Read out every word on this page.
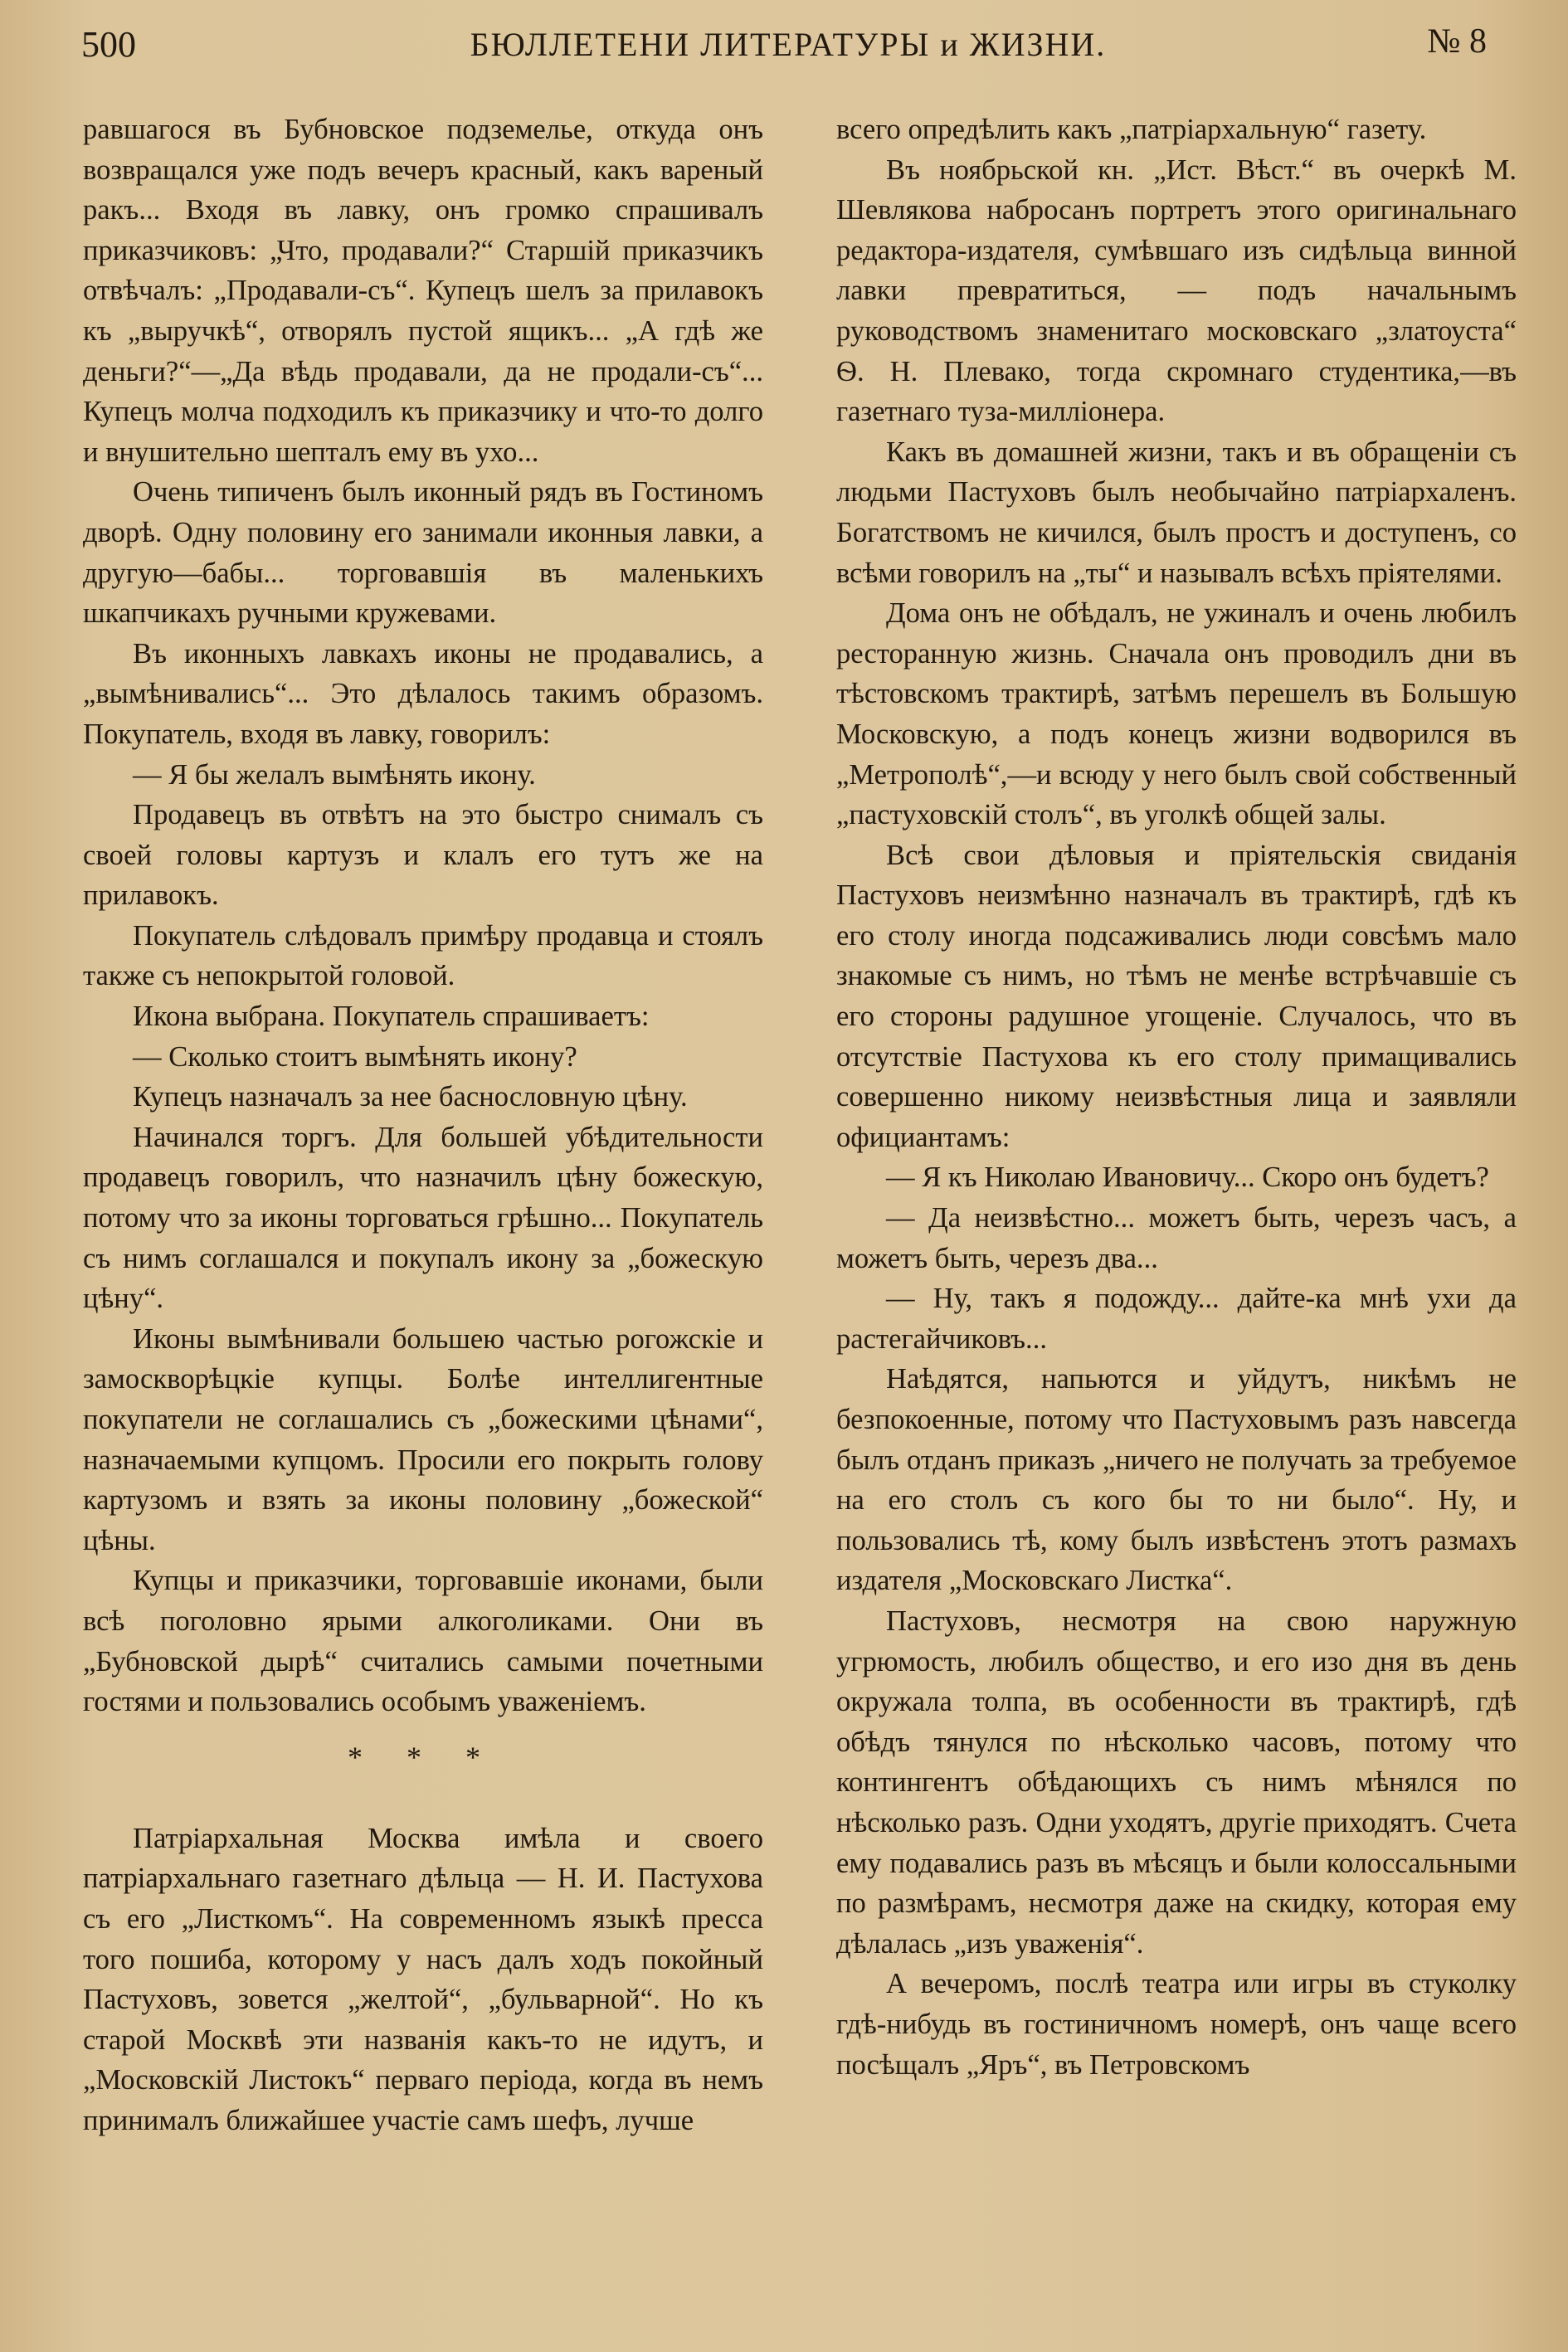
500	БЮЛЛЕТЕНИ ЛИТЕРАТУРЫ и ЖИЗНИ.	№ 8

равшагося въ Бубновское подземелье, откуда онъ возвращался уже подъ вечеръ красный, какъ вареный ракъ... Входя въ лавку, онъ громко спрашивалъ приказчиковъ: „Что, продавали?“ Старшій приказчикъ отвѣчалъ: „Продавали-съ“. Купецъ шелъ за прилавокъ къ „выручкѣ“, отворялъ пустой ящикъ... „А гдѣ же деньги?“—„Да вѣдь продавали, да не продали-съ“... Купецъ молча подходилъ къ приказчику и что-то долго и внушительно шепталъ ему въ ухо...

Очень типиченъ былъ иконный рядъ въ Гостиномъ дворѣ. Одну половину его занимали иконныя лавки, а другую—бабы... торговавшія въ маленькихъ шкапчикахъ ручными кружевами.

Въ иконныхъ лавкахъ иконы не продавались, а „вымѣнивались“... Это дѣлалось такимъ образомъ. Покупатель, входя въ лавку, говорилъ:

— Я бы желалъ вымѣнять икону.

Продавецъ въ отвѣтъ на это быстро снималъ съ своей головы картузъ и клалъ его тутъ же на прилавокъ.

Покупатель слѣдовалъ примѣру продавца и стоялъ также съ непокрытой головой.

Икона выбрана. Покупатель спрашиваетъ:

— Сколько стоитъ вымѣнять икону?

Купецъ назначалъ за нее баснословную цѣну.

Начинался торгъ. Для большей убѣдительности продавецъ говорилъ, что назначилъ цѣну божескую, потому что за иконы торговаться грѣшно... Покупатель съ нимъ соглашался и покупалъ икону за „божескую цѣну“.

Иконы вымѣнивали большею частью рогожскіе и замоскворѣцкіе купцы. Болѣе интеллигентные покупатели не соглашались съ „божескими цѣнами“, назначаемыми купцомъ. Просили его покрыть голову картузомъ и взять за иконы половину „божеской“ цѣны.

Купцы и приказчики, торговавшіе иконами, были всѣ поголовно ярыми алкоголиками. Они въ „Бубновской дырѣ“ считались самыми почетными гостями и пользовались особымъ уваженіемъ.

* * *

Патріархальная Москва имѣла и своего патріархальнаго газетнаго дѣльца — Н. И. Пастухова съ его „Листкомъ“. На современномъ языкѣ пресса того пошиба, которому у насъ далъ ходъ покойный Пастуховъ, зовется „желтой“, „бульварной“. Но къ старой Москвѣ эти названія какъ-то не идутъ, и „Московскій Листокъ“ перваго періода, когда въ немъ принималъ ближайшее участіе самъ шефъ, лучше

всего опредѣлить какъ „патріархальную“ газету.

Въ ноябрьской кн. „Ист. Вѣст.“ въ очеркѣ М. Шевлякова набросанъ портретъ этого оригинальнаго редактора-издателя, сумѣвшаго изъ сидѣльца винной лавки превратиться, — подъ начальнымъ руководствомъ знаменитаго московскаго „златоуста“ Ѳ. Н. Плевако, тогда скромнаго студентика,—въ газетнаго туза-милліонера.

Какъ въ домашней жизни, такъ и въ обращеніи съ людьми Пастуховъ былъ необычайно патріархаленъ. Богатствомъ не кичился, былъ простъ и доступенъ, со всѣми говорилъ на „ты“ и называлъ всѣхъ пріятелями.

Дома онъ не обѣдалъ, не ужиналъ и очень любилъ ресторанную жизнь. Сначала онъ проводилъ дни въ тѣстовскомъ трактирѣ, затѣмъ перешелъ въ Большую Московскую, а подъ конецъ жизни водворился въ „Метрополѣ“,—и всюду у него былъ свой собственный „пастуховскій столъ“, въ уголкѣ общей залы.

Всѣ свои дѣловыя и пріятельскія свиданія Пастуховъ неизмѣнно назначалъ въ трактирѣ, гдѣ къ его столу иногда подсаживались люди совсѣмъ мало знакомые съ нимъ, но тѣмъ не менѣе встрѣчавшіе съ его стороны радушное угощеніе. Случалось, что въ отсутствіе Пастухова къ его столу примащивались совершенно никому неизвѣстныя лица и заявляли официантамъ:

— Я къ Николаю Ивановичу... Скоро онъ будетъ?

— Да неизвѣстно... можетъ быть, черезъ часъ, а можетъ быть, черезъ два...

— Ну, такъ я подожду... дайте-ка мнѣ ухи да растегайчиковъ...

Наѣдятся, напьются и уйдутъ, никѣмъ не безпокоенные, потому что Пастуховымъ разъ навсегда былъ отданъ приказъ „ничего не получать за требуемое на его столъ съ кого бы то ни было“. Ну, и пользовались тѣ, кому былъ извѣстенъ этотъ размахъ издателя „Московскаго Листка“.

Пастуховъ, несмотря на свою наружную угрюмость, любилъ общество, и его изо дня въ день окружала толпа, въ особенности въ трактирѣ, гдѣ обѣдъ тянулся по нѣсколько часовъ, потому что контингентъ обѣдающихъ съ нимъ мѣнялся по нѣсколько разъ. Одни уходятъ, другіе приходятъ. Счета ему подавались разъ въ мѣсяцъ и были колоссальными по размѣрамъ, несмотря даже на скидку, которая ему дѣлалась „изъ уваженія“.

А вечеромъ, послѣ театра или игры въ стуколку гдѣ-нибудь въ гостиничномъ номерѣ, онъ чаще всего посѣщалъ „Яръ“, въ Петровскомъ
